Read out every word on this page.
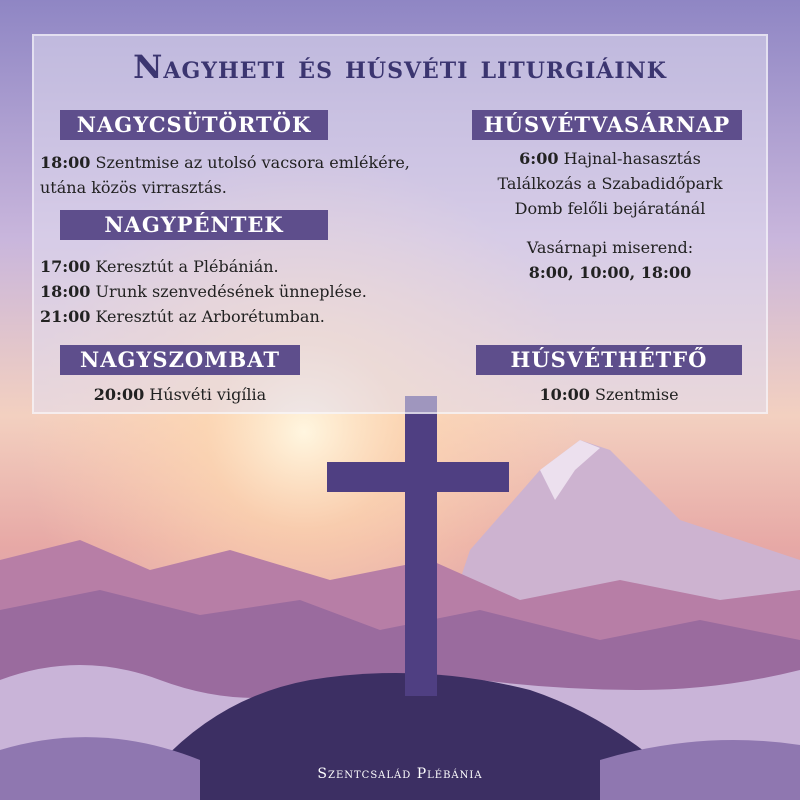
Nagyheti és húsvéti liturgiáink
NAGYCSÜTÖRTÖK
18:00 Szentmise az utolsó vacsora emlékére,
utána közös virrasztás.
NAGYPÉNTEK
17:00 Keresztút a Plébánián.
18:00 Urunk szenvedésének ünneplése.
21:00 Keresztút az Arborétumban.
NAGYSZOMBAT
20:00 Húsvéti vigília
HÚSVÉTVASÁRNAP
6:00 Hajnal-hasasztás
Találkozás a Szabadidőpark
Domb felőli bejáratánál
Vasárnapi miserend:
8:00, 10:00, 18:00
HÚSVÉTHÉTFŐ
10:00 Szentmise
Szentcsalád Plébánia
